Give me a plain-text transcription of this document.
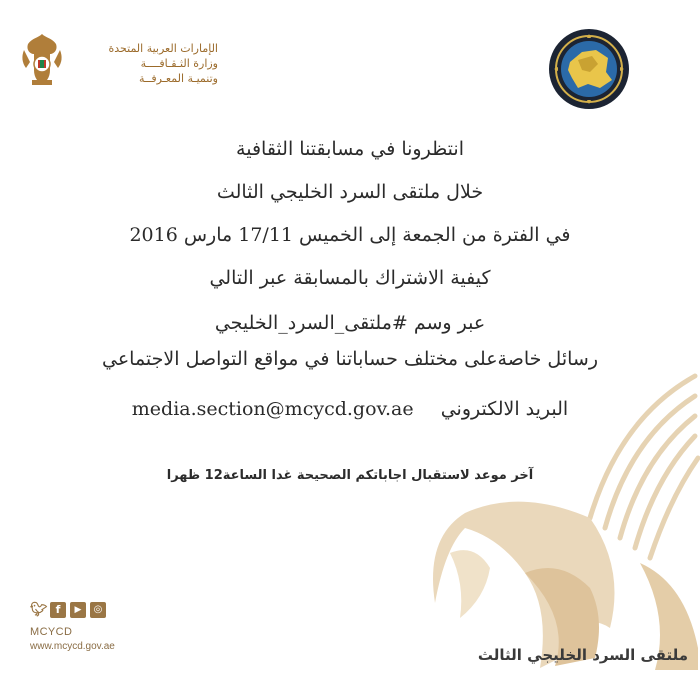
الإمارات العربية المتحدة
وزارة الثـقـافــــة
وتنميـة المعـرفــة
انتظرونا في مسابقتنا الثقافية
خلال ملتقى السرد الخليجي الثالث
في الفترة من الجمعة إلى الخميس 17/11 مارس 2016
كيفية الاشتراك بالمسابقة عبر التالي
عبر وسم #ملتقى_السرد_الخليجي
رسائل خاصةعلى مختلف حساباتنا في مواقع التواصل الاجتماعي
media.section@mcycd.gov.ae البريد الالكتروني
آخر موعد لاستقبال اجاباتكم الصحيحة غدا الساعة12 ظهرا
🐦︎ f	▶	◎
MCYCD
www.mcycd.gov.ae	ملتقى السرد الخليجي الثالث
